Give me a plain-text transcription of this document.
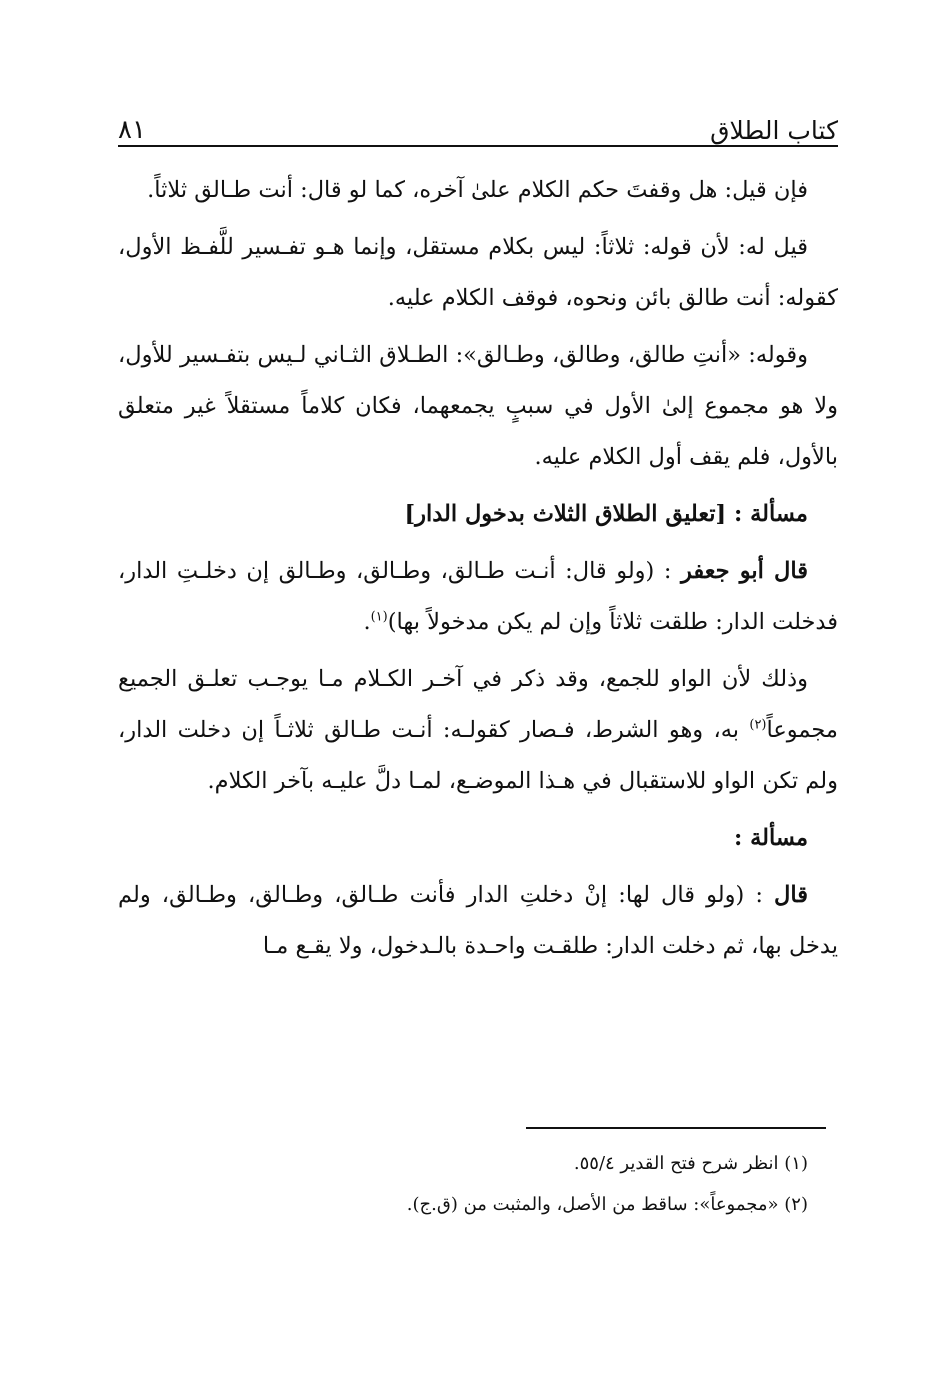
كتاب الطلاق
٨١

فإن قيل: هل وقفتَ حكم الكلام علىٰ آخره، كما لو قال: أنت طـالق ثلاثاً.

قيل له: لأن قوله: ثلاثاً: ليس بكلام مستقل، وإنما هـو تفـسير للَّفـظ الأول، كقوله: أنت طالق بائن ونحوه، فوقف الكلام عليه.

وقوله: «أنتِ طالق، وطالق، وطـالق»: الطـلاق الثـاني لـيس بتفـسير للأول، ولا هو مجموع إلىٰ الأول في سببٍ يجمعهما، فكان كلاماً مستقلاً غير متعلق بالأول، فلم يقف أول الكلام عليه.

مسألة : [تعليق الطلاق الثلاث بدخول الدار]

قال أبو جعفر : (ولو قال: أنـت طـالق، وطـالق، وطـالق إن دخلـتِ الدار، فدخلت الدار: طلقت ثلاثاً وإن لم يكن مدخولاً بها)$^{(١)}$.

وذلك لأن الواو للجمع، وقد ذكر في آخـر الكـلام مـا يوجـب تعلـق الجميع مجموعاً$^{(٢)}$ به، وهو الشرط، فـصار كقولـه: أنـت طـالق ثلاثـاً إن دخلت الدار، ولم تكن الواو للاستقبال في هـذا الموضـع، لمـا دلَّ عليـه بآخر الكلام.

مسألة :

قال : (ولو قال لها: إنْ دخلتِ الدار فأنت طـالق، وطـالق، وطـالق، ولم يدخل بها، ثم دخلت الدار: طلقـت واحـدة بالـدخول، ولا يقـع مـا

(١) انظر شرح فتح القدير ٥٥/٤.

(٢) «مجموعاً»: ساقط من الأصل، والمثبت من (ق.ج).
